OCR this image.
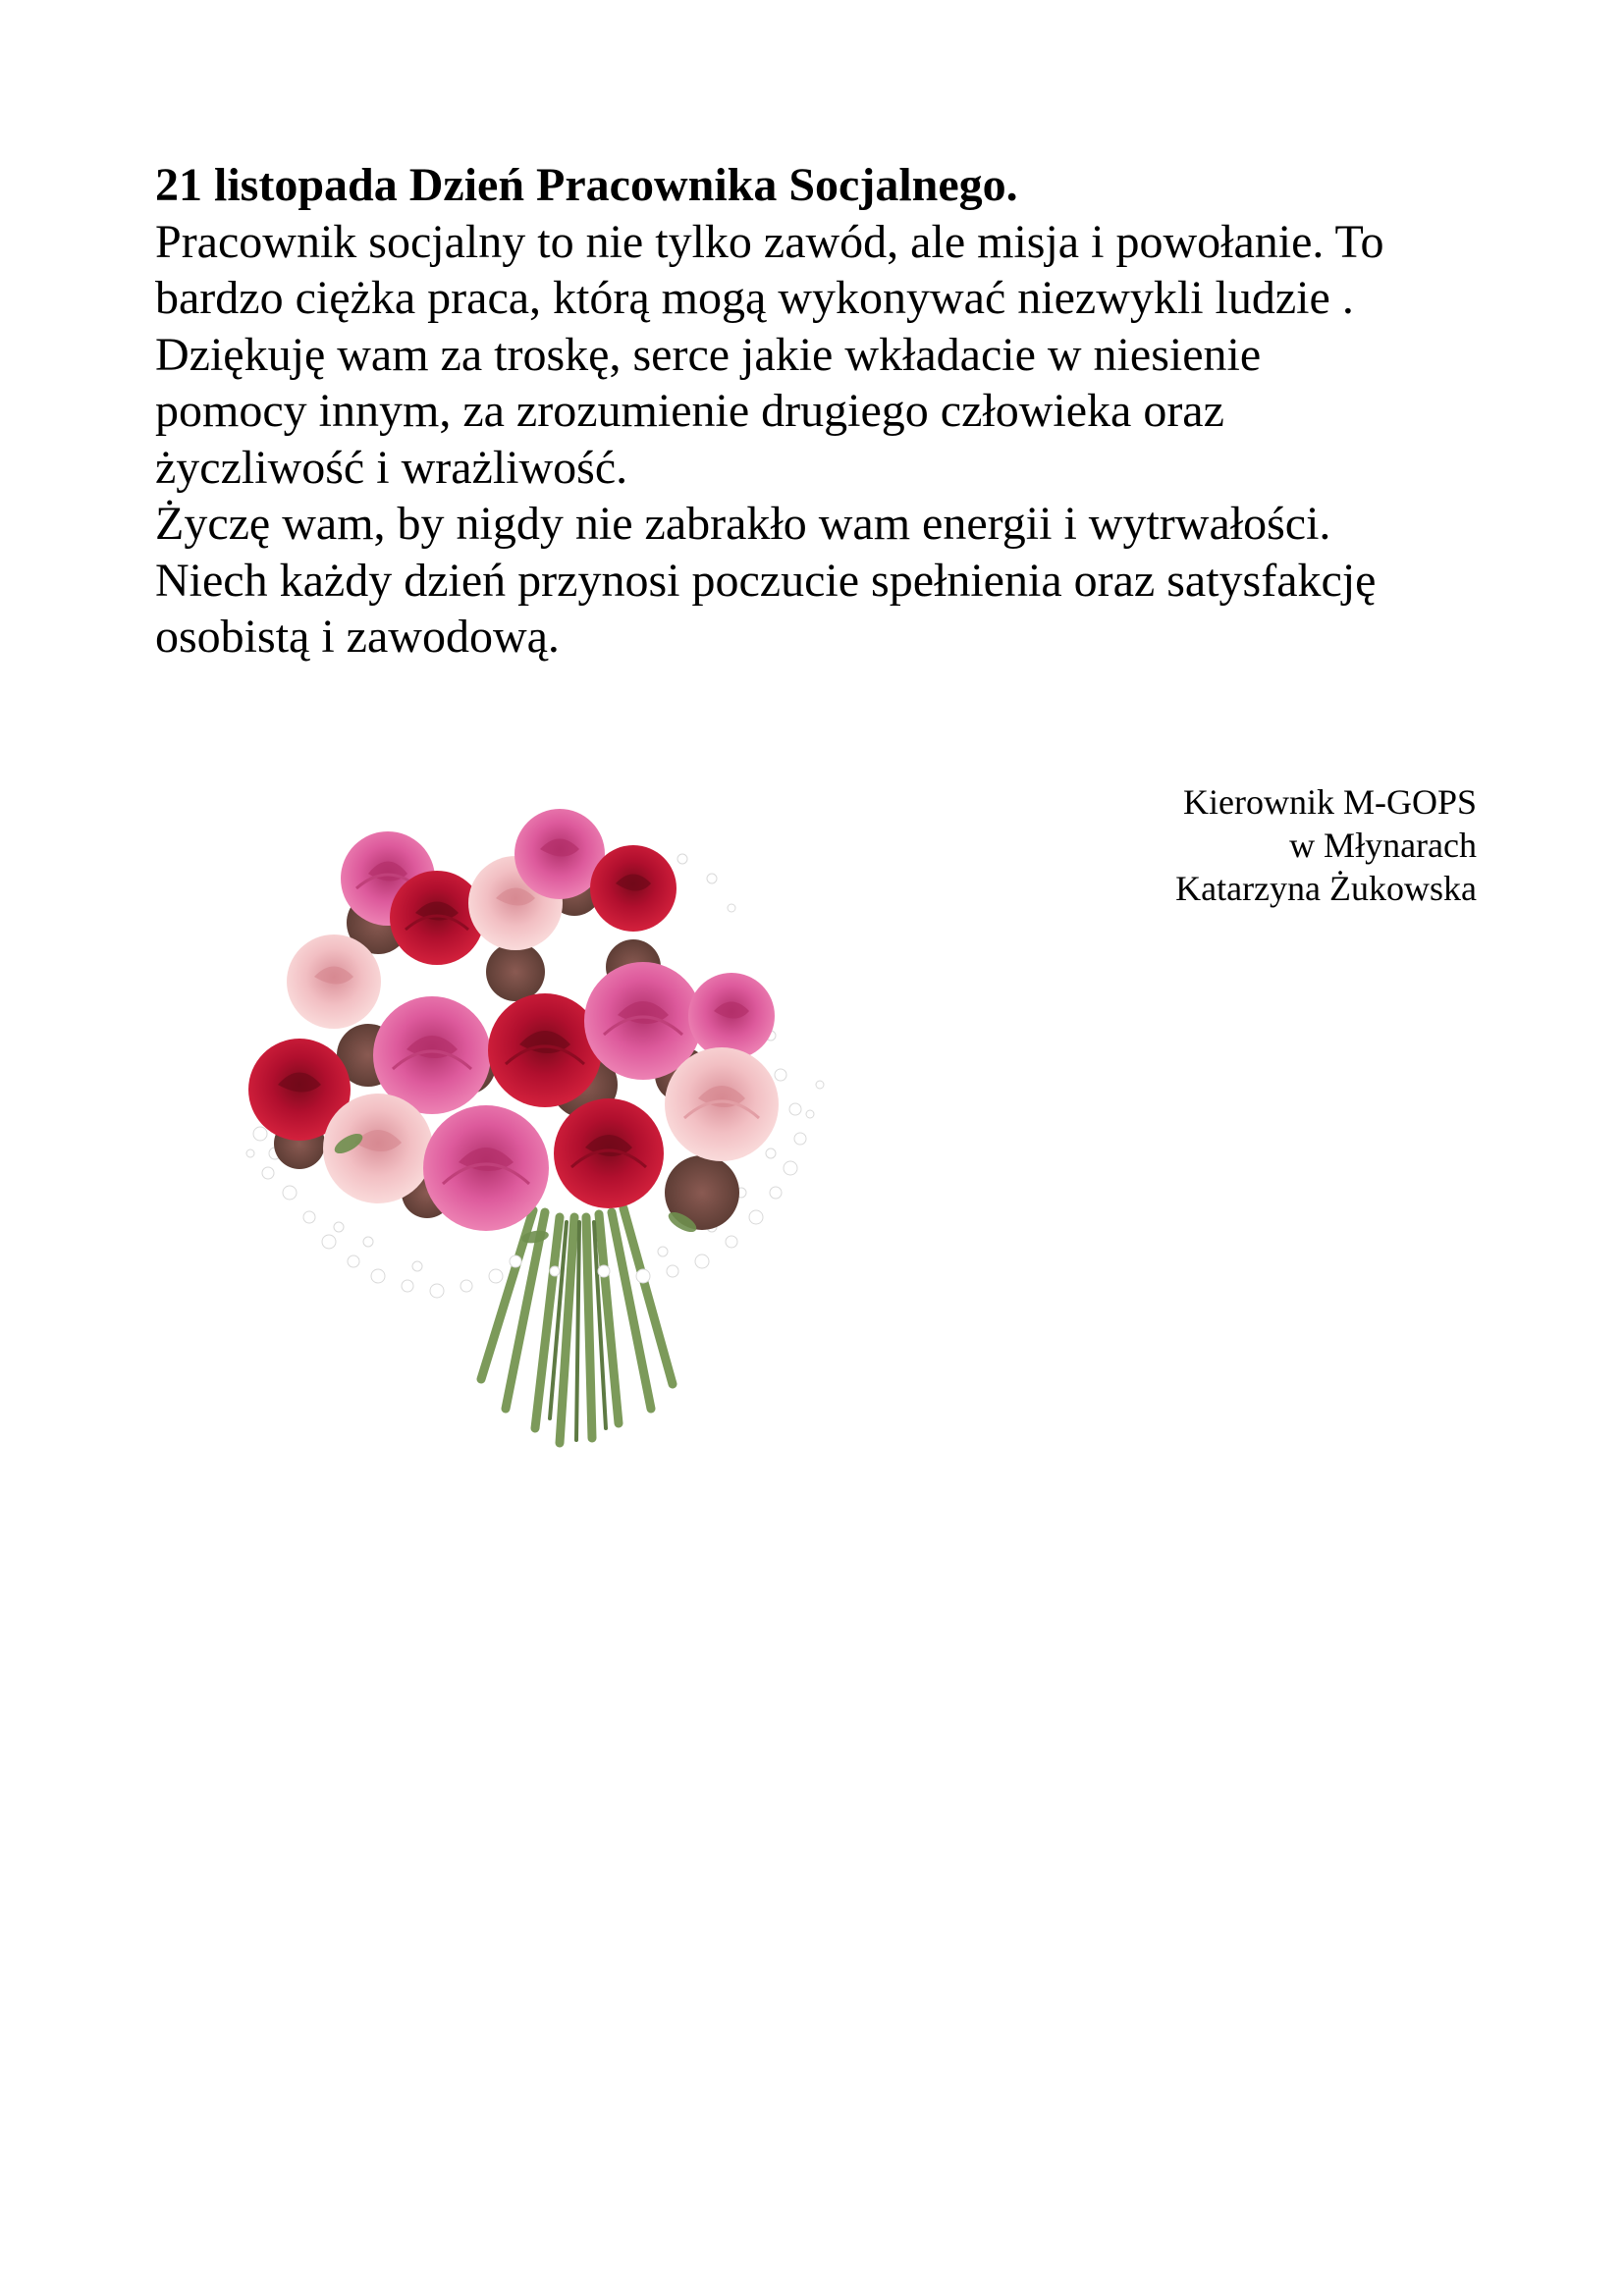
21 listopada Dzień Pracownika Socjalnego.
Pracownik socjalny to nie tylko zawód, ale misja i powołanie. To
bardzo ciężka praca, którą mogą wykonywać niezwykli ludzie .
Dziękuję wam za troskę, serce jakie wkładacie w niesienie
pomocy innym, za zrozumienie drugiego człowieka oraz
życzliwość i wrażliwość.
Życzę wam, by nigdy nie zabrakło wam energii i wytrwałości.
Niech każdy dzień przynosi poczucie spełnienia oraz satysfakcję
osobistą i zawodową.
Kierownik M-GOPS
w Młynarach
Katarzyna Żukowska
